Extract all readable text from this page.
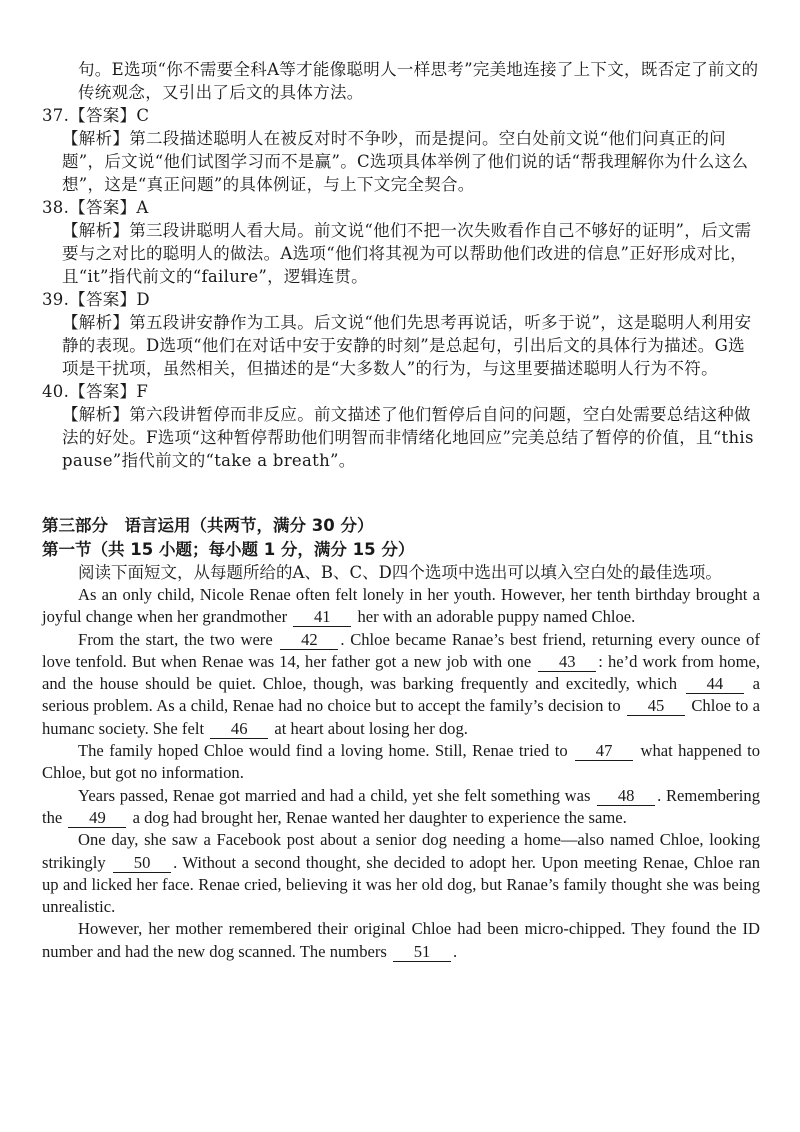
句。E选项“你不需要全科A等才能像聪明人一样思考”完美地连接了上下文，既否定了前文的传统观念，又引出了后文的具体方法。

37.【答案】C

【解析】第二段描述聪明人在被反对时不争吵，而是提问。空白处前文说“他们问真正的问题”，后文说“他们试图学习而不是赢”。C选项具体举例了他们说的话“帮我理解你为什么这么想”，这是“真正问题”的具体例证，与上下文完全契合。

38.【答案】A

【解析】第三段讲聪明人看大局。前文说“他们不把一次失败看作自己不够好的证明”，后文需要与之对比的聪明人的做法。A选项“他们将其视为可以帮助他们改进的信息”正好形成对比，且“it”指代前文的“failure”，逻辑连贯。

39.【答案】D

【解析】第五段讲安静作为工具。后文说“他们先思考再说话，听多于说”，这是聪明人利用安静的表现。D选项“他们在对话中安于安静的时刻”是总起句，引出后文的具体行为描述。G选项是干扰项，虽然相关，但描述的是“大多数人”的行为，与这里要描述聪明人行为不符。

40.【答案】F

【解析】第六段讲暂停而非反应。前文描述了他们暂停后自问的问题，空白处需要总结这种做法的好处。F选项“这种暂停帮助他们明智而非情绪化地回应”完美总结了暂停的价值，且“this pause”指代前文的“take a breath”。

第三部分　语言运用（共两节，满分 30 分）
第一节（共 15 小题；每小题 1 分，满分 15 分）

阅读下面短文，从每题所给的A、B、C、D四个选项中选出可以填入空白处的最佳选项。

As an only child, Nicole Renae often felt lonely in her youth. However, her tenth birthday brought a joyful change when her grandmother 41 her with an adorable puppy named Chloe.

From the start, the two were 42 . Chloe became Ranae’s best friend, returning every ounce of love tenfold. But when Renae was 14, her father got a new job with one 43 : he’d work from home, and the house should be quiet. Chloe, though, was barking frequently and excitedly, which 44 a serious problem. As a child, Renae had no choice but to accept the family’s decision to 45 Chloe to a humanc society. She felt 46 at heart about losing her dog.

The family hoped Chloe would find a loving home. Still, Renae tried to 47 what happened to Chloe, but got no information.

Years passed, Renae got married and had a child, yet she felt something was 48 . Remembering the 49 a dog had brought her, Renae wanted her daughter to experience the same.

One day, she saw a Facebook post about a senior dog needing a home—also named Chloe, looking strikingly 50 . Without a second thought, she decided to adopt her. Upon meeting Renae, Chloe ran up and licked her face. Renae cried, believing it was her old dog, but Ranae’s family thought she was being unrealistic.

However, her mother remembered their original Chloe had been micro-chipped. They found the ID number and had the new dog scanned. The numbers 51 .
